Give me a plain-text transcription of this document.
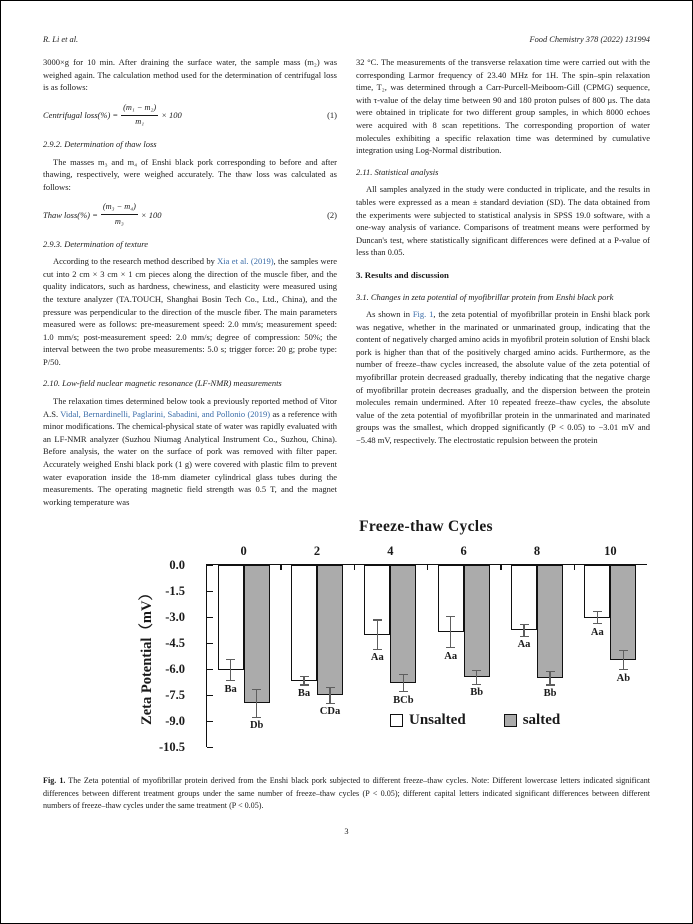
R. Li et al.	Food Chemistry 378 (2022) 131994

3000×g for 10 min. After draining the surface water, the sample mass (m₂) was weighed again. The calculation method used for the determination of centrifugal loss is as follows:

Centrifugal loss(%) = $\frac{\text{(m₁ − m₂)}}{\text{m₁}} \times 100$	(1)
2.9.2. Determination of thaw loss

The masses m₃ and m₄ of Enshi black pork corresponding to before and after thawing, respectively, were weighed accurately. The thaw loss was calculated as follows:

Thaw loss(%) = $\frac{\text{(m₃ − m₄)}}{\text{m₃}} \times 100$	(2)
2.9.3. Determination of texture

According to the research method described by Xia et al. (2019), the samples were cut into 2 cm × 3 cm × 1 cm pieces along the direction of the muscle fiber, and the quality indicators, such as hardness, chewiness, and elasticity were measured using the texture analyzer (TA.TOUCH, Shanghai Bosin Tech Co., Ltd., China), and the pressure was perpendicular to the direction of the muscle fiber. The main parameters measured were as follows: pre-measurement speed: 2.0 mm/s; measurement speed: 1.0 mm/s; post-measurement speed: 2.0 mm/s; degree of compression: 50%; the interval between the two probe measurements: 5.0 s; trigger force: 20 g; probe type: P/50.

2.10. Low-field nuclear magnetic resonance (LF-NMR) measurements

The relaxation times determined below took a previously reported method of Vitor A.S. Vidal, Bernardinelli, Paglarini, Sabadini, and Pollonio (2019) as a reference with minor modifications. The chemical-physical state of water was rapidly evaluated with an LF-NMR analyzer (Suzhou Niumag Analytical Instrument Co., Suzhou, China). Before analysis, the water on the surface of pork was removed with filter paper. Accurately weighed Enshi black pork (1 g) were covered with plastic film to prevent water evaporation inside the 18-mm diameter cylindrical glass tubes during the measurements. The operating magnetic field strength was 0.5 T, and the magnet working temperature was

32 °C. The measurements of the transverse relaxation time were carried out with the corresponding Larmor frequency of 23.40 MHz for 1H. The spin–spin relaxation time, T₂, was determined through a Carr-Purcell-Meiboom-Gill (CPMG) sequence, with τ-value of the delay time between 90 and 180 proton pulses of 800 μs. The data were obtained in triplicate for two different group samples, in which 8000 echoes were acquired with 8 scan repetitions. The corresponding proportion of water molecules exhibiting a specific relaxation time was determined by cumulative integration using Log-Normal distribution.

2.11. Statistical analysis

All samples analyzed in the study were conducted in triplicate, and the results in tables were expressed as a mean ± standard deviation (SD). The data obtained from the experiments were subjected to statistical analysis in SPSS 19.0 software, with a one-way analysis of variance. Comparisons of treatment means were performed by Duncan's test, where statistically significant differences were defined at a P-value of less than 0.05.

3. Results and discussion
3.1. Changes in zeta potential of myofibrillar protein from Enshi black pork

As shown in Fig. 1, the zeta potential of myofibrillar protein in Enshi black pork was negative, whether in the marinated or unmarinated group, indicating that the content of negatively charged amino acids in myofibril protein solution of Enshi black pork is higher than that of the positively charged amino acids. Furthermore, as the number of freeze–thaw cycles increased, the absolute value of the zeta potential of myofibrillar protein decreased gradually, thereby indicating that the negative charge of myofibrillar protein decreases gradually, and the dispersion between the protein molecules remain undermined. After 10 repeated freeze–thaw cycles, the absolute value of the zeta potential of myofibrillar protein in the unmarinated and marinated groups was the smallest, which dropped significantly (P < 0.05) to −3.01 mV and −5.48 mV, respectively. The electrostatic repulsion between the protein

Freeze-thaw Cycles
Zeta Potential（mV）
0	2	4	6	8	10
0.0
-1.5
-3.0
-4.5
-6.0
-7.5
-9.0
-10.5
Ba	Ba
Aa	Aa
Aa
Aa
Db
CDa
BCb
Bb	Bb
Ab
Unsalted	salted

Fig. 1. The Zeta potential of myofibrillar protein derived from the Enshi black pork subjected to different freeze–thaw cycles. Note: Different lowercase letters indicated significant differences between different treatment groups under the same number of freeze–thaw cycles (P < 0.05); different capital letters indicated significant differences between different numbers of freeze–thaw cycles under the same treatment (P < 0.05).

3
